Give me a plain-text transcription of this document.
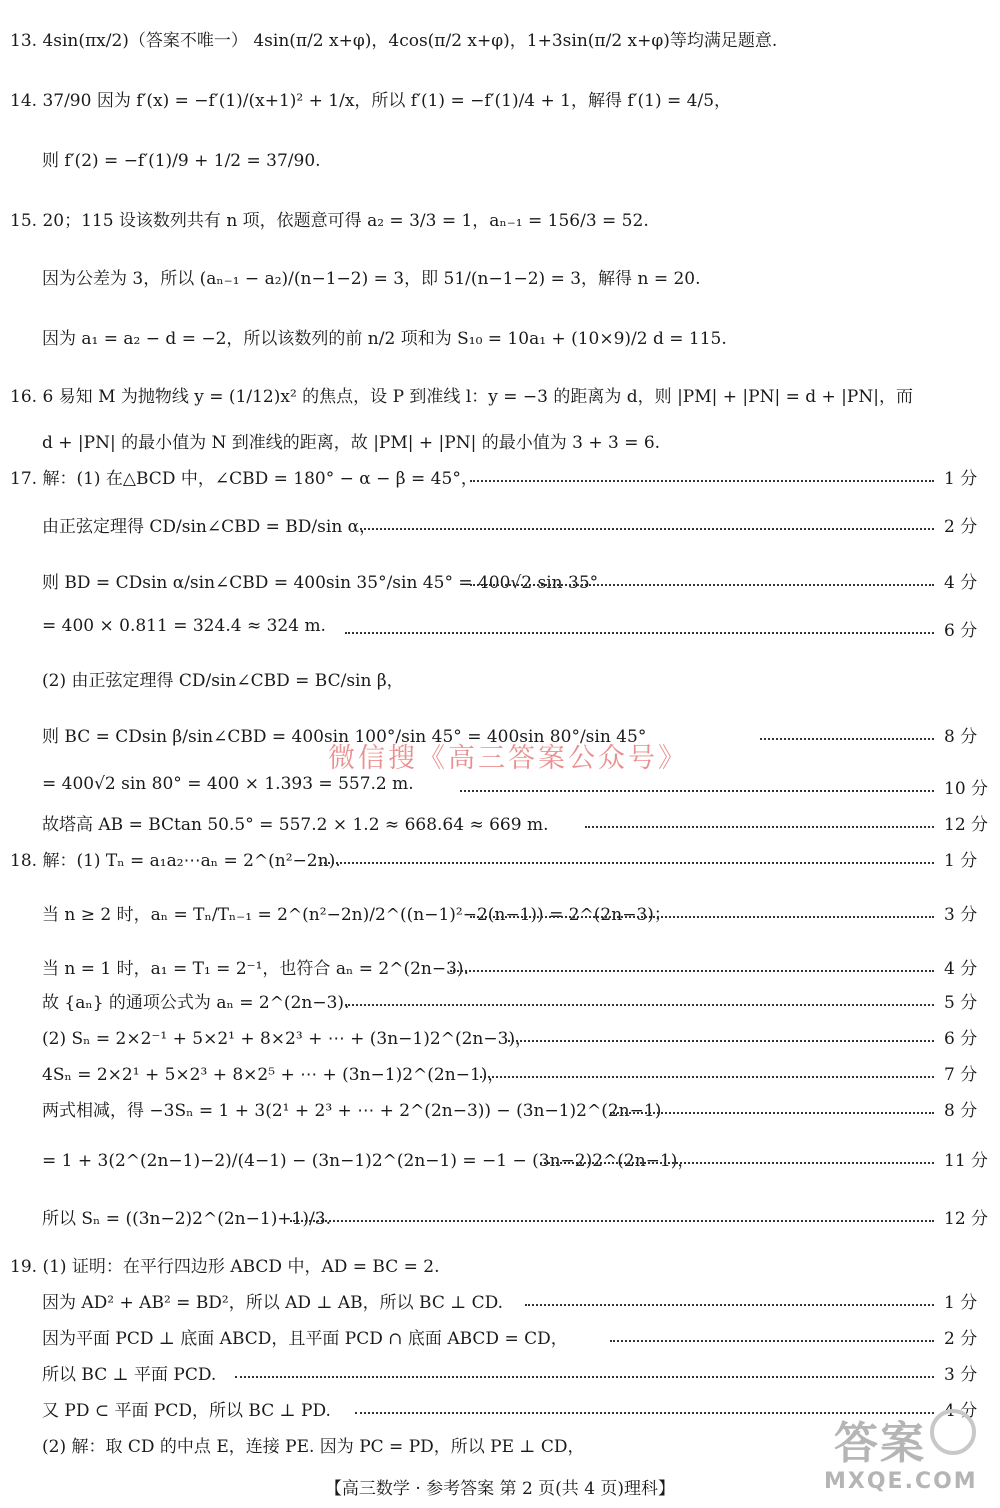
13. 4sin(πx/2)（答案不唯一） 4sin(π/2 x+φ)，4cos(π/2 x+φ)，1+3sin(π/2 x+φ)等均满足题意.
14. 37/90 因为 f′(x) = −f′(1)/(x+1)² + 1/x，所以 f′(1) = −f′(1)/4 + 1，解得 f′(1) = 4/5，
则 f′(2) = −f′(1)/9 + 1/2 = 37/90.
15. 20；115 设该数列共有 n 项，依题意可得 a₂ = 3/3 = 1，aₙ₋₁ = 156/3 = 52.
因为公差为 3，所以 (aₙ₋₁ − a₂)/(n−1−2) = 3，即 51/(n−1−2) = 3，解得 n = 20.
因为 a₁ = a₂ − d = −2，所以该数列的前 n/2 项和为 S₁₀ = 10a₁ + (10×9)/2 d = 115.
16. 6 易知 M 为抛物线 y = (1/12)x² 的焦点，设 P 到准线 l：y = −3 的距离为 d，则 |PM| + |PN| = d + |PN|，而
d + |PN| 的最小值为 N 到准线的距离，故 |PM| + |PN| 的最小值为 3 + 3 = 6.
17. 解：(1) 在△BCD 中，∠CBD = 180° − α − β = 45°，	1 分
由正弦定理得 CD/sin∠CBD = BD/sin α，	2 分
则 BD = CDsin α/sin∠CBD = 400sin 35°/sin 45° = 400√2 sin 35°	4 分
= 400 × 0.811 = 324.4 ≈ 324 m.	6 分
(2) 由正弦定理得 CD/sin∠CBD = BC/sin β，
则 BC = CDsin β/sin∠CBD = 400sin 100°/sin 45° = 400sin 80°/sin 45°	8 分
= 400√2 sin 80° = 400 × 1.393 = 557.2 m.	10 分
故塔高 AB = BCtan 50.5° = 557.2 × 1.2 ≈ 668.64 ≈ 669 m.	12 分
18. 解：(1) Tₙ = a₁a₂⋯aₙ = 2^(n²−2n).	1 分
当 n ≥ 2 时，aₙ = Tₙ/Tₙ₋₁ = 2^(n²−2n)/2^((n−1)²−2(n−1)) = 2^(2n−3)；	3 分
当 n = 1 时，a₁ = T₁ = 2⁻¹，也符合 aₙ = 2^(2n−3).	4 分
故 {aₙ} 的通项公式为 aₙ = 2^(2n−3).	5 分
(2) Sₙ = 2×2⁻¹ + 5×2¹ + 8×2³ + ⋯ + (3n−1)2^(2n−3)，	6 分
4Sₙ = 2×2¹ + 5×2³ + 8×2⁵ + ⋯ + (3n−1)2^(2n−1)，	7 分
两式相减，得 −3Sₙ = 1 + 3(2¹ + 2³ + ⋯ + 2^(2n−3)) − (3n−1)2^(2n−1)	8 分
= 1 + 3(2^(2n−1)−2)/(4−1) − (3n−1)2^(2n−1) = −1 − (3n−2)2^(2n−1)，	11 分
所以 Sₙ = ((3n−2)2^(2n−1)+1)/3.	12 分
19. (1) 证明：在平行四边形 ABCD 中，AD = BC = 2.
因为 AD² + AB² = BD²，所以 AD ⊥ AB，所以 BC ⊥ CD.	1 分
因为平面 PCD ⊥ 底面 ABCD，且平面 PCD ∩ 底面 ABCD = CD，	2 分
所以 BC ⊥ 平面 PCD.	3 分
又 PD ⊂ 平面 PCD，所以 BC ⊥ PD.	4 分
(2) 解：取 CD 的中点 E，连接 PE. 因为 PC = PD，所以 PE ⊥ CD，
微信搜《高三答案公众号》
答案
MXQE.COM
【高三数学 · 参考答案 第 2 页(共 4 页)理科】
